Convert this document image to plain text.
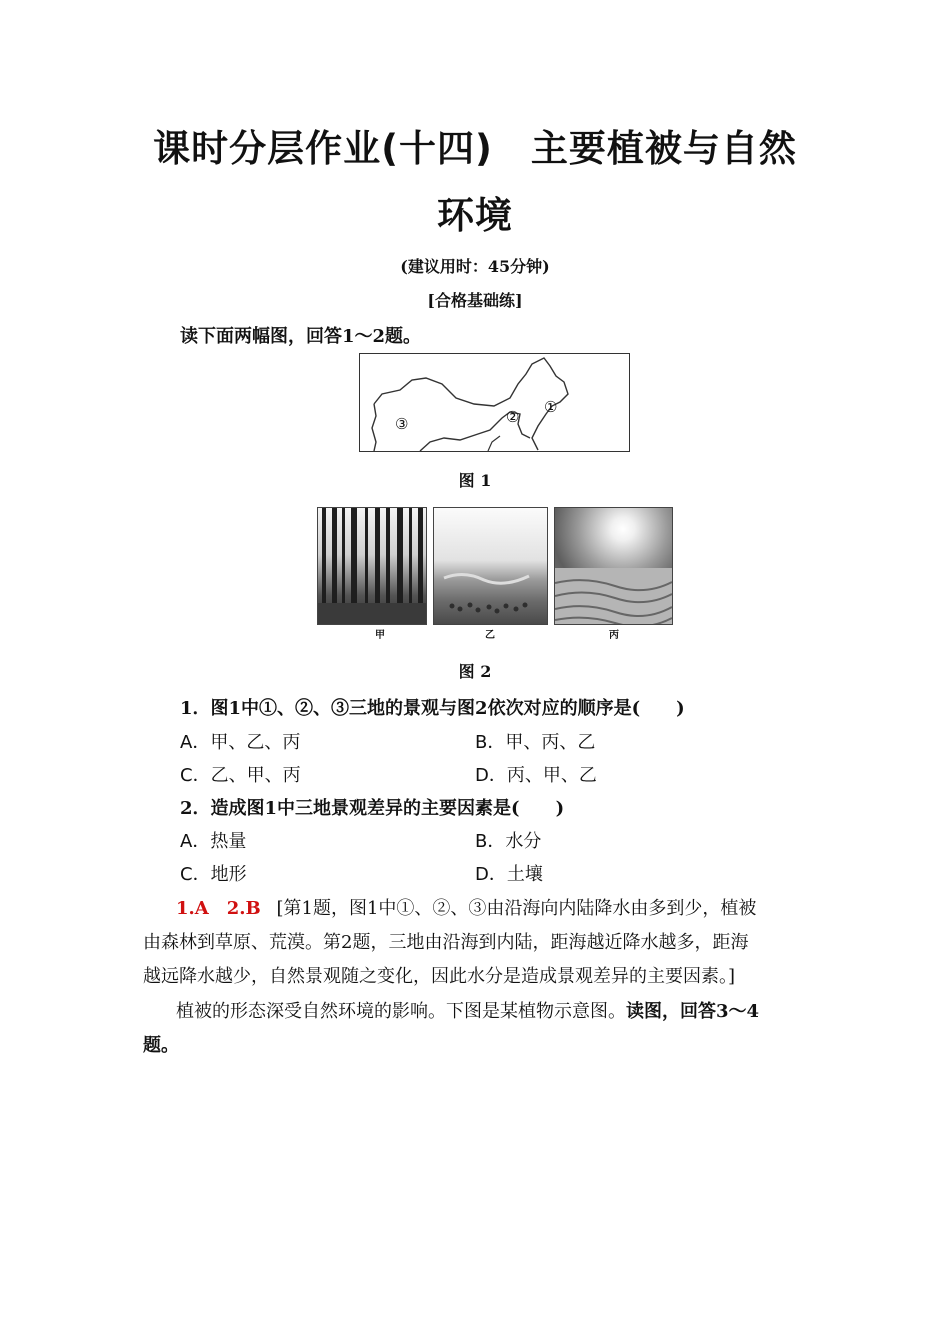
课时分层作业(十四)　主要植被与自然
环境
(建议用时：45分钟)
[合格基础练]
读下面两幅图，回答1～2题。
①
②
③
图 1
甲	乙	丙
图 2
1．图1中①、②、③三地的景观与图2依次对应的顺序是(　　)
A．甲、乙、丙	B．甲、丙、乙
C．乙、甲、丙	D．丙、甲、乙
2．造成图1中三地景观差异的主要因素是(　　)
A．热量	B．水分
C．地形	D．土壤
1.A　2.B [第1题，图1中①、②、③由沿海向内陆降水由多到少，植被
由森林到草原、荒漠。第2题，三地由沿海到内陆，距海越近降水越多，距海
越远降水越少，自然景观随之变化，因此水分是造成景观差异的主要因素。]
植被的形态深受自然环境的影响。下图是某植物示意图。读图，回答3～4
题。
